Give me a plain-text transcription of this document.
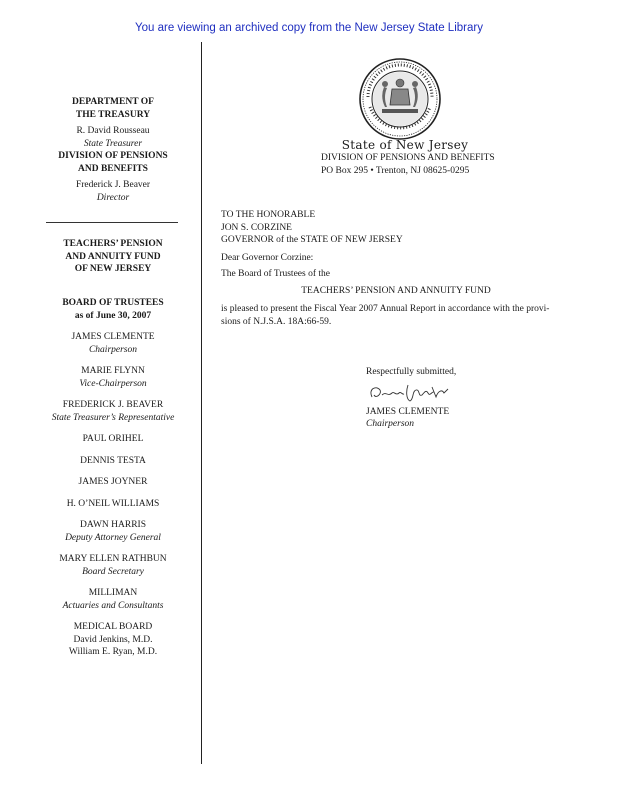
You are viewing an archived copy from the New Jersey State Library
DEPARTMENT OF
THE TREASURY
R. David Rousseau
State Treasurer
DIVISION OF PENSIONS
AND BENEFITS
Frederick J. Beaver
Director
TEACHERS’ PENSION
AND ANNUITY FUND
OF NEW JERSEY
BOARD OF TRUSTEES
as of June 30, 2007
JAMES CLEMENTE
Chairperson
MARIE FLYNN
Vice-Chairperson
FREDERICK J. BEAVER
State Treasurer’s Representative
PAUL ORIHEL
DENNIS TESTA
JAMES JOYNER
H. O’NEIL WILLIAMS
DAWN HARRIS
Deputy Attorney General
MARY ELLEN RATHBUN
Board Secretary
MILLIMAN
Actuaries and Consultants
MEDICAL BOARD
David Jenkins, M.D.
William E. Ryan, M.D.
State of New Jersey
DIVISION OF PENSIONS AND BENEFITS
PO Box 295 • Trenton, NJ 08625-0295
TO THE HONORABLE
JON S. CORZINE
GOVERNOR of the STATE OF NEW JERSEY
Dear Governor Corzine:
The Board of Trustees of the
TEACHERS’ PENSION AND ANNUITY FUND
is pleased to present the Fiscal Year 2007 Annual Report in accordance with the provi-
sions of N.J.S.A. 18A:66-59.
Respectfully submitted,
JAMES CLEMENTE
Chairperson
